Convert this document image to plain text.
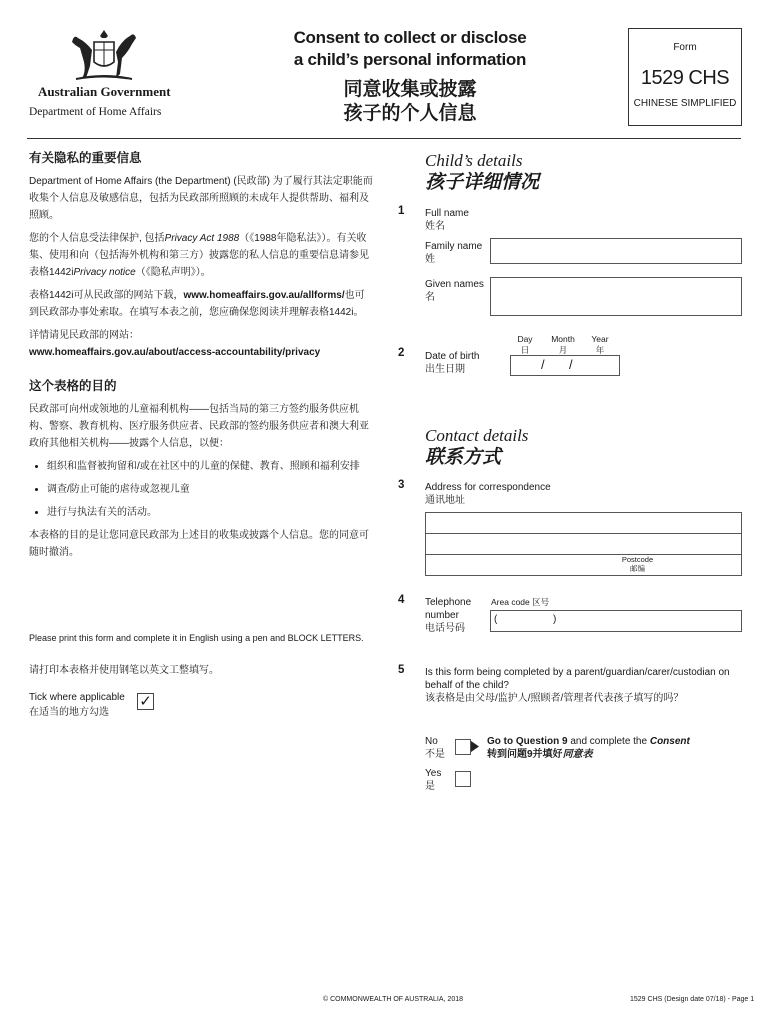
Australian Government
Department of Home Affairs
Consent to collect or disclose
a child’s personal information
同意收集或披露
孩子的个人信息
Form
1529 CHS
CHINESE SIMPLIFIED
有关隐私的重要信息

Department of Home Affairs (the Department) (民政部) 为了履行其法定职能而收集个人信息及敏感信息，包括为民政部所照顾的未成年人提供帮助、福利及照顾。

您的个人信息受法律保护, 包括Privacy Act 1988（《1988年隐私法》）。有关收集、使用和向（包括海外机构和第三方）披露您的私人信息的重要信息请参见表格1442iPrivacy notice（《隐私声明》）。

表格1442i可从民政部的网站下载，www.homeaffairs.gov.au/allforms/也可到民政部办事处索取。在填写本表之前，您应确保您阅读并理解表格1442i。

详情请见民政部的网站：
www.homeaffairs.gov.au/about/access-accountability/privacy

这个表格的目的

民政部可向州或领地的儿童福利机构——包括当局的第三方签约服务供应机构、警察、教育机构、医疗服务供应者、民政部的签约服务供应者和澳大利亚政府其他相关机构——披露个人信息，以便：

• 组织和监督被拘留和/或在社区中的儿童的保健、教育、照顾和福利安排
• 调查/防止可能的虐待或忽视儿童
• 进行与执法有关的活动。

本表格的目的是让您同意民政部为上述目的收集或披露个人信息。您的同意可随时撤消。

Please print this form and complete it in English using a pen and BLOCK LETTERS.
请打印本表格并使用钢笔以英文工整填写。
Tick where applicable
在适当的地方勾选
✓
Child’s details
孩子详细情况
1 Full name
姓名
Family name
姓
Given names
名
2 Date of birth
出生日期
Day
日
Month
月
Year
年
/ /
Contact details
联系方式
3 Address for correspondence
通讯地址
Postcode
邮编
4 Telephone
number
电话号码
Area code 区号
(	)
5 Is this form being completed by a parent/guardian/carer/custodian on behalf of the child?
该表格是由父母/监护人/照顾者/管理者代表孩子填写的吗？
No
不是
Go to Question 9 and complete the Consent
转到问题9并填好同意表
Yes
是
© COMMONWEALTH OF AUSTRALIA, 2018	1529 CHS (Design date 07/18) - Page 1
